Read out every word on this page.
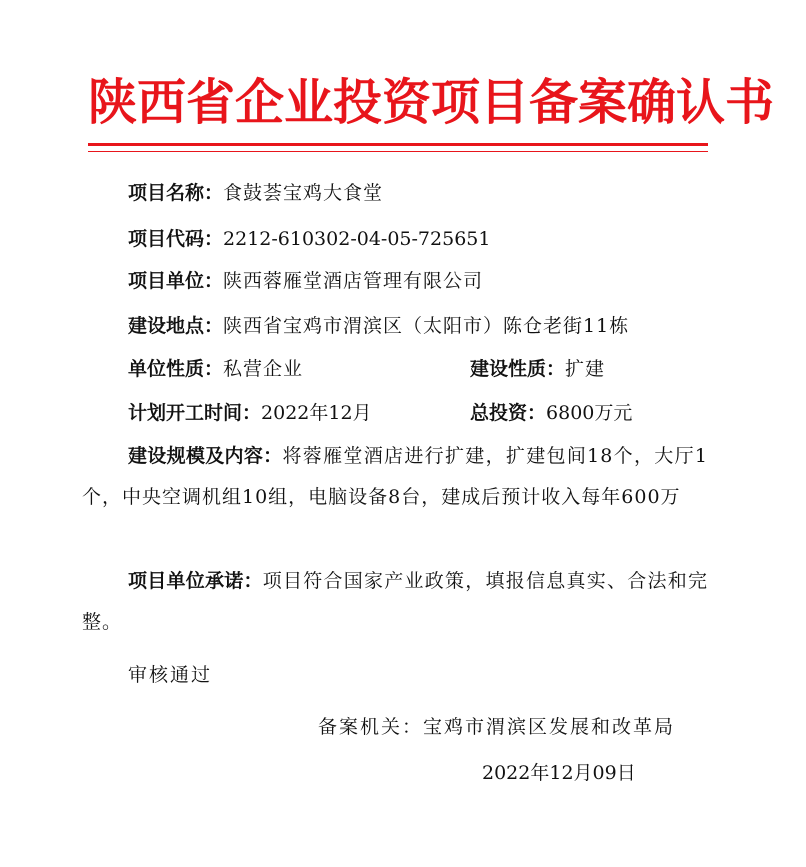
陕西省企业投资项目备案确认书
项目名称：食鼓荟宝鸡大食堂
项目代码：2212-610302-04-05-725651
项目单位：陕西蓉雁堂酒店管理有限公司
建设地点：陕西省宝鸡市渭滨区（太阳市）陈仓老街11栋
单位性质：私营企业	建设性质：扩建
计划开工时间：2022年12月	总投资：6800万元
建设规模及内容：将蓉雁堂酒店进行扩建，扩建包间18个，大厅1个，中央空调机组10组，电脑设备8台，建成后预计收入每年600万
项目单位承诺：项目符合国家产业政策，填报信息真实、合法和完整。
审核通过
备案机关：宝鸡市渭滨区发展和改革局
2022年12月09日
